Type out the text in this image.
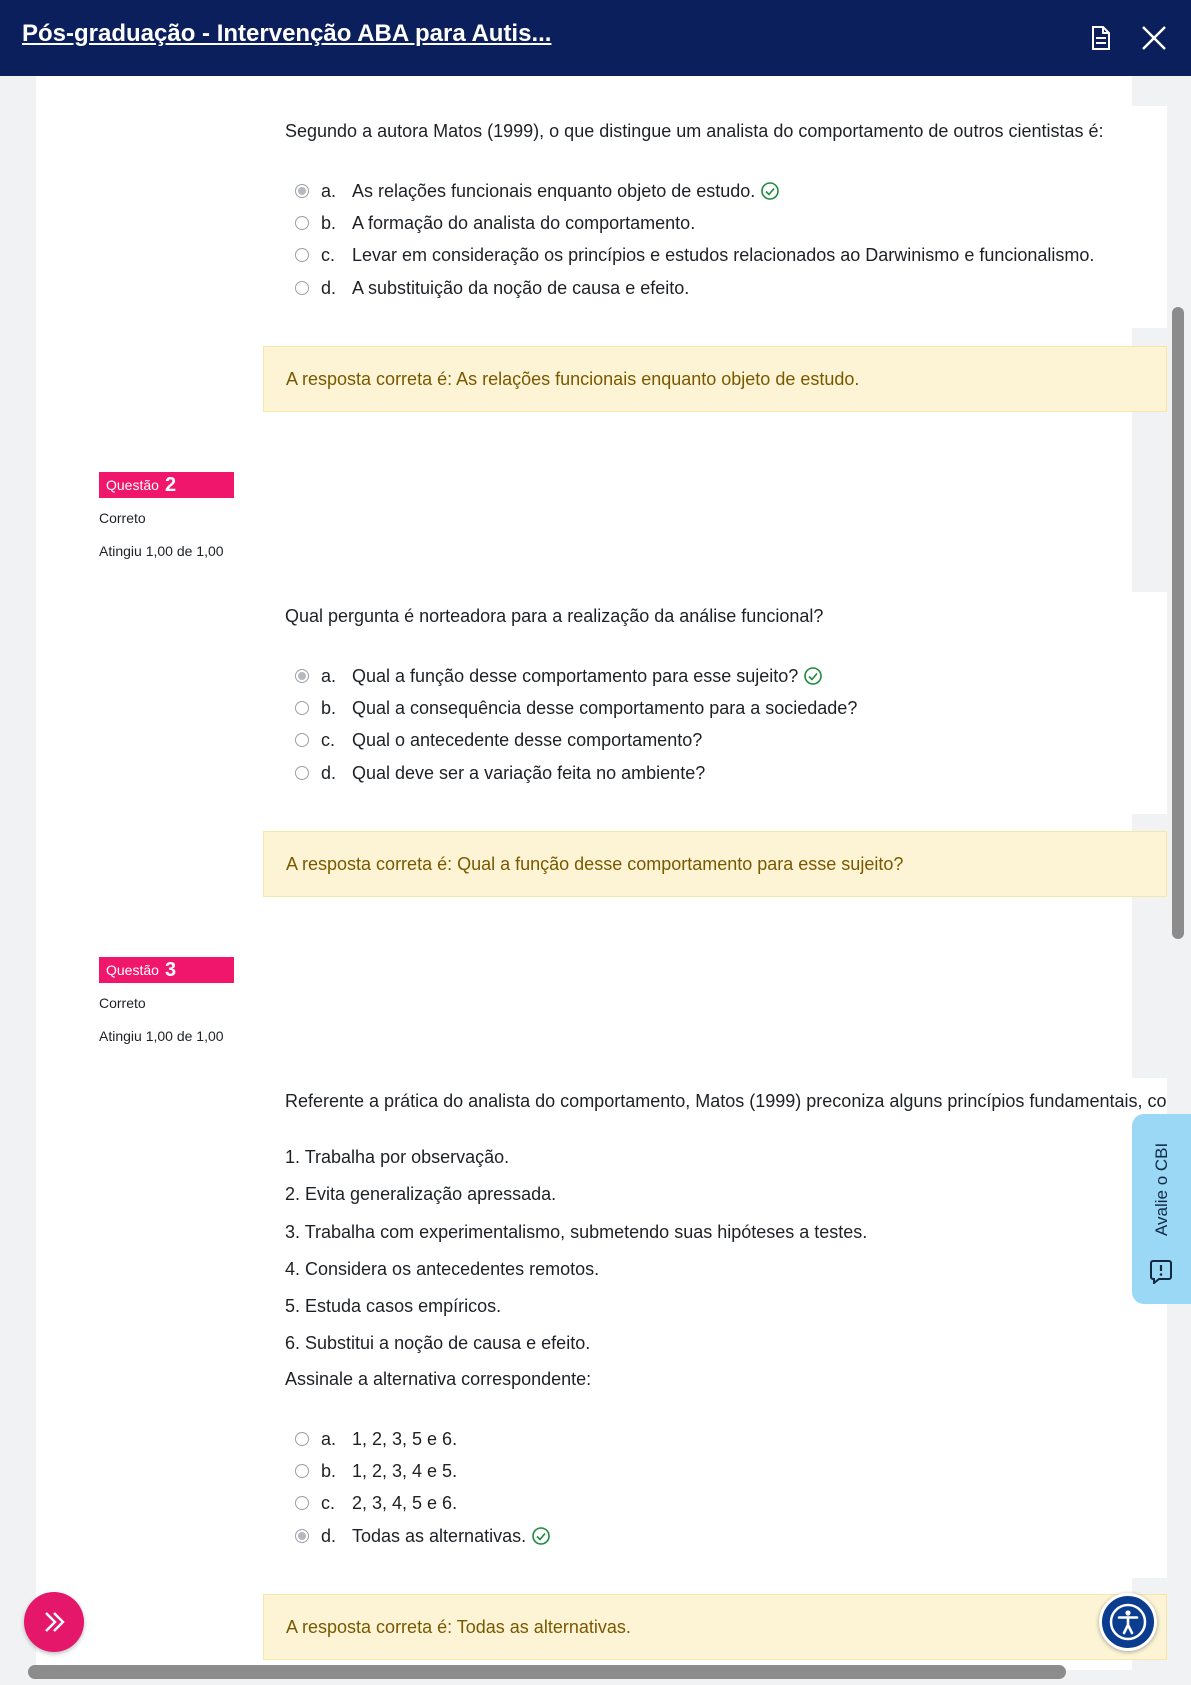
Pós-graduação - Intervenção ABA para Autis...
Segundo a autora Matos (1999), o que distingue um analista do comportamento de outros cientistas é:
a. As relações funcionais enquanto objeto de estudo.
b. A formação do analista do comportamento.
c. Levar em consideração os princípios e estudos relacionados ao Darwinismo e funcionalismo.
d. A substituição da noção de causa e efeito.
A resposta correta é: As relações funcionais enquanto objeto de estudo.
Questão 2
Correto
Atingiu 1,00 de 1,00
Qual pergunta é norteadora para a realização da análise funcional?
a. Qual a função desse comportamento para esse sujeito?
b. Qual a consequência desse comportamento para a sociedade?
c. Qual o antecedente desse comportamento?
d. Qual deve ser a variação feita no ambiente?
A resposta correta é: Qual a função desse comportamento para esse sujeito?
Questão 3
Correto
Atingiu 1,00 de 1,00
Referente a prática do analista do comportamento, Matos (1999) preconiza alguns princípios fundamentais, co
1. Trabalha por observação.
2. Evita generalização apressada.
3. Trabalha com experimentalismo, submetendo suas hipóteses a testes.
4. Considera os antecedentes remotos.
5. Estuda casos empíricos.
6. Substitui a noção de causa e efeito.
Assinale a alternativa correspondente:
a. 1, 2, 3, 5 e 6.
b. 1, 2, 3, 4 e 5.
c. 2, 3, 4, 5 e 6.
d. Todas as alternativas.
A resposta correta é: Todas as alternativas.
Avalie o CBI
